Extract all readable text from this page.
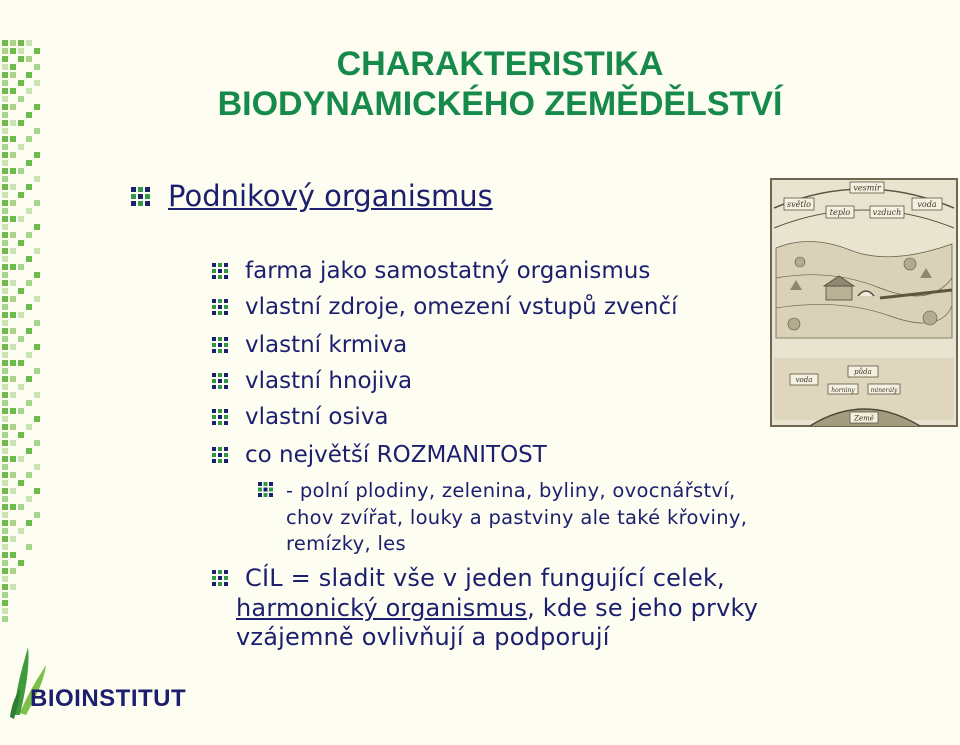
CHARAKTERISTIKA
BIODYNAMICKÉHO ZEMĚDĚLSTVÍ
Podnikový organismus
farma jako samostatný organismus
vlastní zdroje, omezení vstupů zvenčí
vlastní krmiva
vlastní hnojiva
vlastní osiva
co největší ROZMANITOST
- polní plodiny, zelenina, byliny, ovocnářství,
chov zvířat, louky a pastviny ale také křoviny,
remízky, les
CÍL = sladit vše v jeden fungující celek,
harmonický organismus, kde se jeho prvky
vzájemně ovlivňují a podporují
vesmír
světlo
teplo	vzduch
voda
voda
půda
horniny	minerály
Země
BIOINSTITUT
